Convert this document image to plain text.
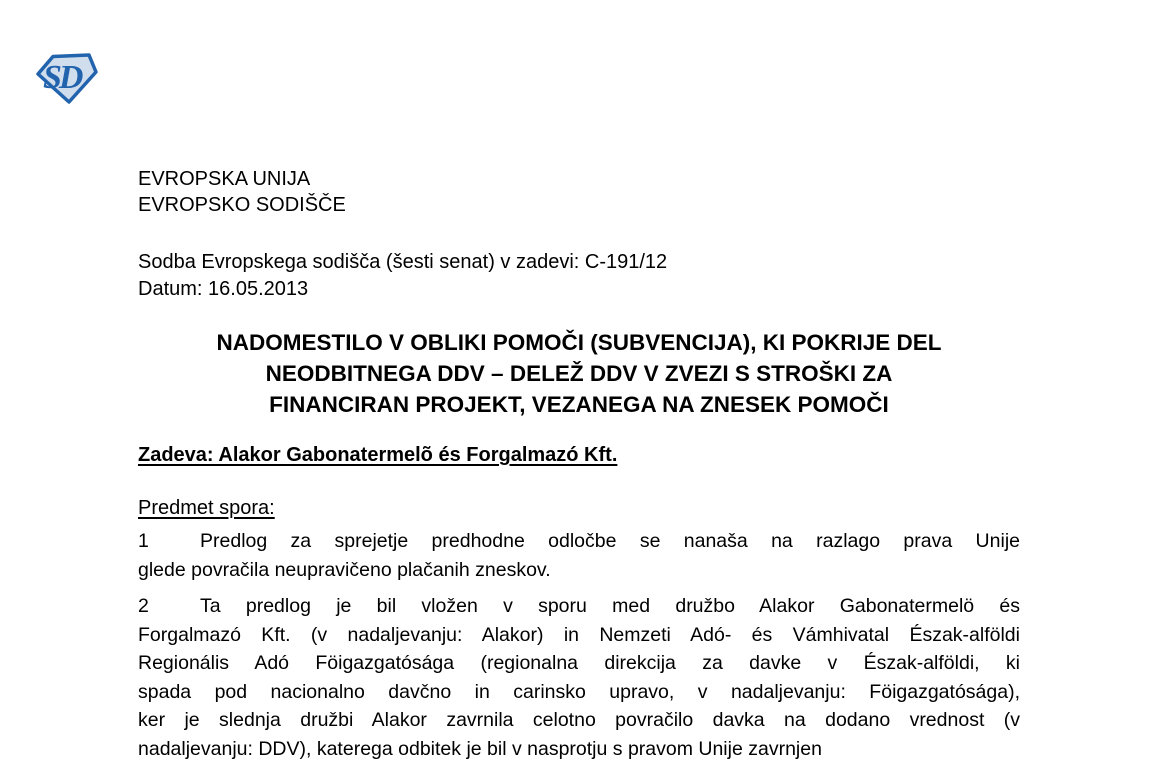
SD
EVROPSKA UNIJA
EVROPSKO SODIŠČE
Sodba Evropskega sodišča (šesti senat) v zadevi: C-191/12
Datum: 16.05.2013
NADOMESTILO V OBLIKI POMOČI (SUBVENCIJA), KI POKRIJE DEL
NEODBITNEGA DDV – DELEŽ DDV V ZVEZI S STROŠKI ZA
FINANCIRAN PROJEKT, VEZANEGA NA ZNESEK POMOČI
Zadeva: Alakor Gabonatermelõ és Forgalmazó Kft.
Predmet spora:
1	Predlog za sprejetje predhodne odločbe se nanaša na razlago prava Unije
glede povračila neupravičeno plačanih zneskov.
2	Ta predlog je bil vložen v sporu med družbo Alakor Gabonatermelö és
Forgalmazó Kft. (v nadaljevanju: Alakor) in Nemzeti Adó- és Vámhivatal Észak-alföldi
Regionális Adó Föigazgatósága (regionalna direkcija za davke v Észak-alföldi, ki
spada pod nacionalno davčno in carinsko upravo, v nadaljevanju: Föigazgatósága),
ker je slednja družbi Alakor zavrnila celotno povračilo davka na dodano vrednost (v
nadaljevanju: DDV), katerega odbitek je bil v nasprotju s pravom Unije zavrnjen
